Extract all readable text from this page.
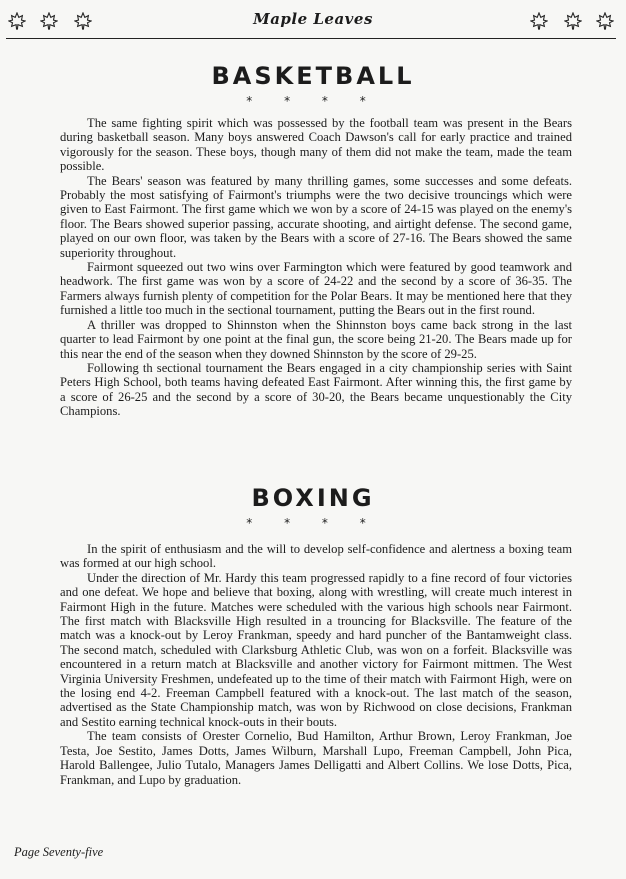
Maple Leaves
BASKETBALL
* * * *

The same fighting spirit which was possessed by the football team was present in the Bears during basketball season. Many boys answered Coach Dawson's call for early practice and trained vigorously for the season. These boys, though many of them did not make the team, made the team possible.

The Bears' season was featured by many thrilling games, some successes and some defeats. Probably the most satisfying of Fairmont's triumphs were the two decisive trouncings which were given to East Fairmont. The first game which we won by a score of 24-15 was played on the enemy's floor. The Bears showed superior passing, accurate shooting, and airtight defense. The second game, played on our own floor, was taken by the Bears with a score of 27-16. The Bears showed the same superiority throughout.

Fairmont squeezed out two wins over Farmington which were featured by good teamwork and headwork. The first game was won by a score of 24-22 and the second by a score of 36-35. The Farmers always furnish plenty of competition for the Polar Bears. It may be mentioned here that they furnished a little too much in the sectional tournament, putting the Bears out in the first round.

A thriller was dropped to Shinnston when the Shinnston boys came back strong in the last quarter to lead Fairmont by one point at the final gun, the score being 21-20. The Bears made up for this near the end of the season when they downed Shinnston by the score of 29-25.

Following th sectional tournament the Bears engaged in a city championship series with Saint Peters High School, both teams having defeated East Fairmont. After winning this, the first game by a score of 26-25 and the second by a score of 30-20, the Bears became unquestionably the City Champions.

BOXING
* * * *

In the spirit of enthusiasm and the will to develop self-confidence and alertness a boxing team was formed at our high school.

Under the direction of Mr. Hardy this team progressed rapidly to a fine record of four victories and one defeat. We hope and believe that boxing, along with wrestling, will create much interest in Fairmont High in the future. Matches were scheduled with the various high schools near Fairmont. The first match with Blacksville High resulted in a trouncing for Blacksville. The feature of the match was a knock-out by Leroy Frankman, speedy and hard puncher of the Bantamweight class. The second match, scheduled with Clarksburg Athletic Club, was won on a forfeit. Blacksville was encountered in a return match at Blacksville and another victory for Fairmont mittmen. The West Virginia University Freshmen, undefeated up to the time of their match with Fairmont High, were on the losing end 4-2. Freeman Campbell featured with a knock-out. The last match of the season, advertised as the State Championship match, was won by Richwood on close decisions, Frankman and Sestito earning technical knock-outs in their bouts.

The team consists of Orester Cornelio, Bud Hamilton, Arthur Brown, Leroy Frankman, Joe Testa, Joe Sestito, James Dotts, James Wilburn, Marshall Lupo, Freeman Campbell, John Pica, Harold Ballengee, Julio Tutalo, Managers James Delligatti and Albert Collins. We lose Dotts, Pica, Frankman, and Lupo by graduation.

Page Seventy-five
